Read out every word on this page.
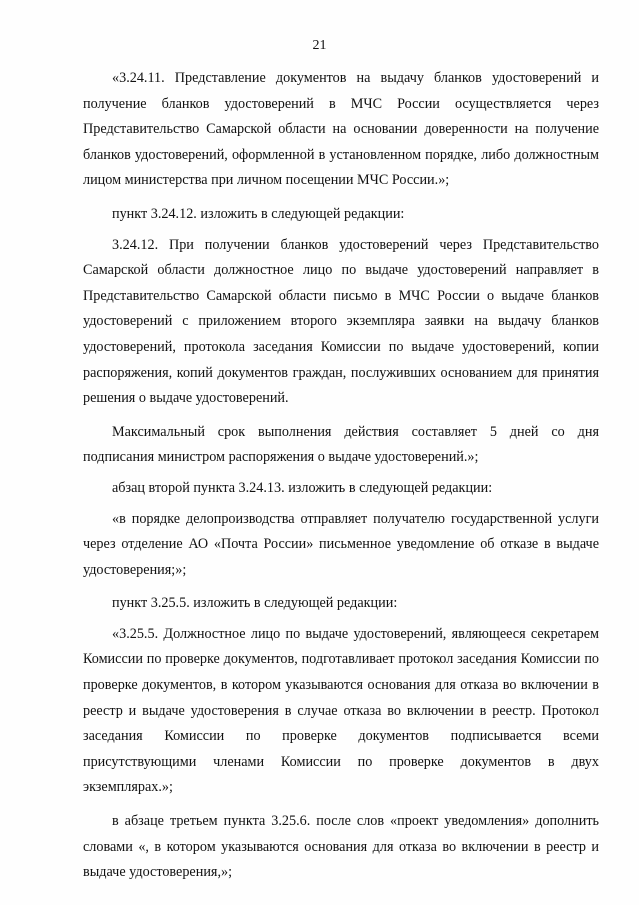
21

«3.24.11. Представление документов на выдачу бланков удостоверений и получение бланков удостоверений в МЧС России осуществляется через Представительство Самарской области на основании доверенности на получение бланков удостоверений, оформленной в установленном порядке, либо должностным лицом министерства при личном посещении МЧС России.»;

пункт 3.24.12. изложить в следующей редакции:

3.24.12. При получении бланков удостоверений через Представительство Самарской области должностное лицо по выдаче удостоверений направляет в Представительство Самарской области письмо в МЧС России о выдаче бланков удостоверений с приложением второго экземпляра заявки на выдачу бланков удостоверений, протокола заседания Комиссии по выдаче удостоверений, копии распоряжения, копий документов граждан, послуживших основанием для принятия решения о выдаче удостоверений.

Максимальный срок выполнения действия составляет 5 дней со дня подписания министром распоряжения о выдаче удостоверений.»;

абзац второй пункта 3.24.13. изложить в следующей редакции:

«в порядке делопроизводства отправляет получателю государственной услуги через отделение АО «Почта России» письменное уведомление об отказе в выдаче удостоверения;»;

пункт 3.25.5. изложить в следующей редакции:

«3.25.5. Должностное лицо по выдаче удостоверений, являющееся секретарем Комиссии по проверке документов, подготавливает протокол заседания Комиссии по проверке документов, в котором указываются основания для отказа во включении в реестр и выдаче удостоверения в случае отказа во включении в реестр. Протокол заседания Комиссии по проверке документов подписывается всеми присутствующими членами Комиссии по проверке документов в двух экземплярах.»;

в абзаце третьем пункта 3.25.6. после слов «проект уведомления» дополнить словами «, в котором указываются основания для отказа во включении в реестр и выдаче удостоверения,»;
